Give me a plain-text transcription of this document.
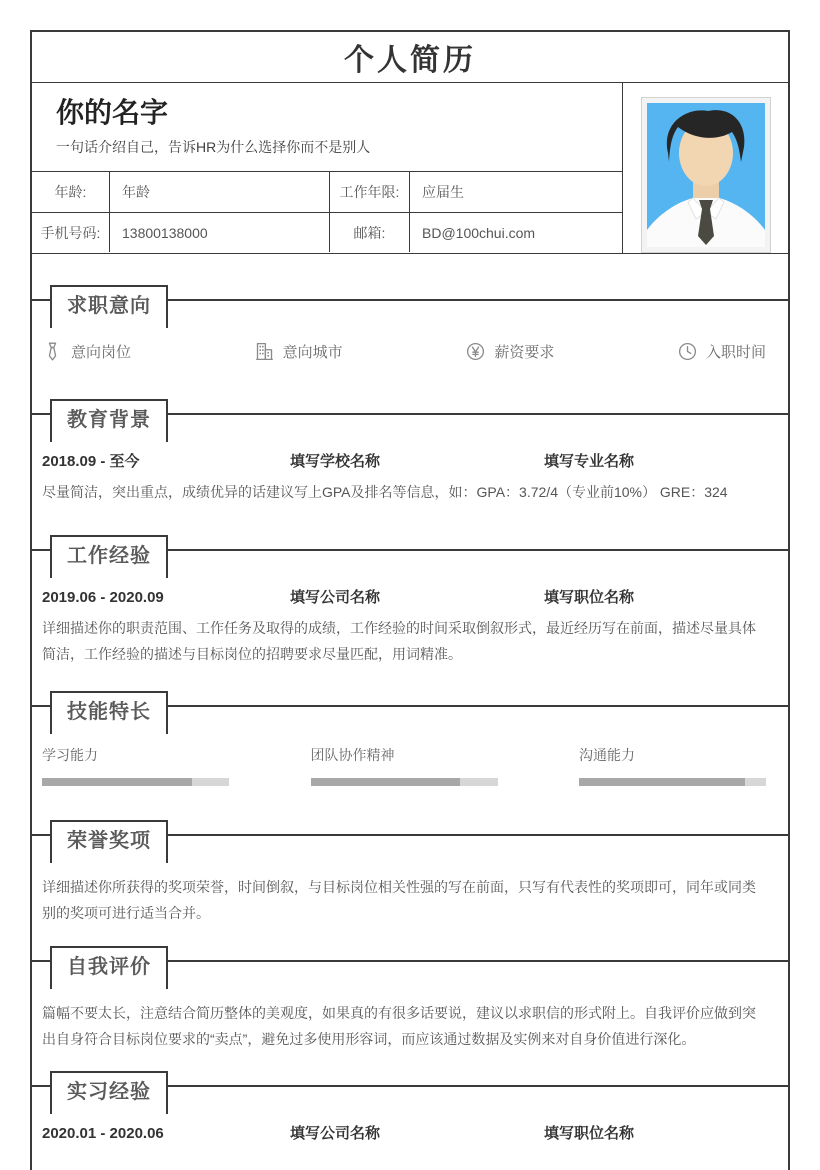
个人简历
你的名字
一句话介绍自己，告诉HR为什么选择你而不是别人
年龄:	年龄	工作年限:	应届生
手机号码:	13800138000	邮箱:	BD@100chui.com
求职意向
意向岗位	意向城市	薪资要求	入职时间
教育背景
2018.09 - 至今	填写学校名称	填写专业名称

尽量简洁，突出重点，成绩优异的话建议写上GPA及排名等信息，如：GPA：3.72/4（专业前10%） GRE：324

工作经验
2019.06 - 2020.09	填写公司名称	填写职位名称

详细描述你的职责范围、工作任务及取得的成绩，工作经验的时间采取倒叙形式，最近经历写在前面，描述尽量具体简洁，工作经验的描述与目标岗位的招聘要求尽量匹配，用词精准。

技能特长
学习能力	团队协作精神	沟通能力
荣誉奖项

详细描述你所获得的奖项荣誉，时间倒叙，与目标岗位相关性强的写在前面，只写有代表性的奖项即可，同年或同类别的奖项可进行适当合并。

自我评价

篇幅不要太长，注意结合简历整体的美观度，如果真的有很多话要说，建议以求职信的形式附上。自我评价应做到突出自身符合目标岗位要求的“卖点”，避免过多使用形容词，而应该通过数据及实例来对自身价值进行深化。

实习经验
2020.01 - 2020.06	填写公司名称	填写职位名称
